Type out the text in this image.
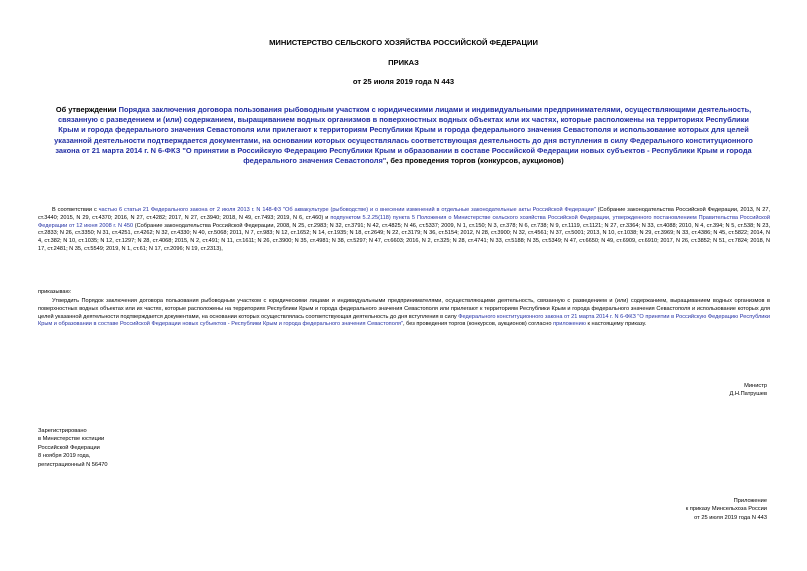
МИНИСТЕРСТВО СЕЛЬСКОГО ХОЗЯЙСТВА РОССИЙСКОЙ ФЕДЕРАЦИИ
ПРИКАЗ
от 25 июля 2019 года N 443
Об утверждении Порядка заключения договора пользования рыбоводным участком с юридическими лицами и индивидуальными предпринимателями, осуществляющими деятельность, связанную с разведением и (или) содержанием, выращиванием водных организмов в поверхностных водных объектах или их частях, которые расположены на территориях Республики Крым и города федерального значения Севастополя или прилегают к территориям Республики Крым и города федерального значения Севастополя и использование которых для целей указанной деятельности подтверждается документами, на основании которых осуществлялась соответствующая деятельность до дня вступления в силу Федерального конституционного закона от 21 марта 2014 г. N 6-ФКЗ "О принятии в Российскую Федерацию Республики Крым и образовании в составе Российской Федерации новых субъектов - Республики Крым и города федерального значения Севастополя", без проведения торгов (конкурсов, аукционов)
В соответствии с частью 6 статьи 21 Федерального закона от 2 июля 2013 г. N 148-ФЗ "Об аквакультуре (рыбоводстве) и о внесении изменений в отдельные законодательные акты Российской Федерации" (Собрание законодательства Российской Федерации, 2013, N 27, ст.3440; 2015, N 29, ст.4370; 2016, N 27, ст.4282; 2017, N 27, ст.3940; 2018, N 49, ст.7493; 2019, N 6, ст.460) и подпунктом 5.2.25(118) пункта 5 Положения о Министерстве сельского хозяйства Российской Федерации, утвержденного постановлением Правительства Российской Федерации от 12 июня 2008 г. N 450 (Собрание законодательства Российской Федерации, 2008, N 25, ст.2983; N 32, ст.3791; N 42, ст.4825; N 46, ст.5337; 2009, N 1, ст.150; N 3, ст.378; N 6, ст.738; N 9, ст.1119, ст.1121; N 27, ст.3364; N 33, ст.4088; 2010, N 4, ст.394; N 5, ст.538; N 23, ст.2833; N 26, ст.3350; N 31, ст.4251, ст.4262; N 32, ст.4330; N 40, ст.5068; 2011, N 7, ст.983; N 12, ст.1652; N 14, ст.1935; N 18, ст.2649; N 22, ст.3179; N 36, ст.5154; 2012, N 28, ст.3900; N 32, ст.4561; N 37, ст.5001; 2013, N 10, ст.1038; N 29, ст.3969; N 33, ст.4386; N 45, ст.5822; 2014, N 4, ст.382; N 10, ст.1035; N 12, ст.1297; N 28, ст.4068; 2015, N 2, ст.491; N 11, ст.1611; N 26, ст.3900; N 35, ст.4981; N 38, ст.5297; N 47, ст.6603; 2016, N 2, ст.325; N 28, ст.4741; N 33, ст.5188; N 35, ст.5349; N 47, ст.6650; N 49, ст.6909, ст.6910; 2017, N 26, ст.3852; N 51, ст.7824; 2018, N 17, ст.2481; N 35, ст.5549; 2019, N 1, ст.61; N 17, ст.2096; N 19, ст.2313),
приказываю:
Утвердить Порядок заключения договора пользования рыбоводным участком с юридическими лицами и индивидуальными предпринимателями, осуществляющими деятельность, связанную с разведением и (или) содержанием, выращиванием водных организмов в поверхностных водных объектах или их частях, которые расположены на территориях Республики Крым и города федерального значения Севастополя или прилегают к территориям Республики Крым и города федерального значения Севастополя и использование которых для целей указанной деятельности подтверждается документами, на основании которых осуществлялась соответствующая деятельность до дня вступления в силу Федерального конституционного закона от 21 марта 2014 г. N 6-ФКЗ "О принятии в Российскую Федерацию Республики Крым и образовании в составе Российской Федерации новых субъектов - Республики Крым и города федерального значения Севастополя", без проведения торгов (конкурсов, аукционов) согласно приложению к настоящему приказу.
Министр
Д.Н.Патрушев
Зарегистрировано
в Министерстве юстиции
Российской Федерации
8 ноября 2019 года,
регистрационный N 56470
Приложение
к приказу Минсельхоза России
от 25 июля 2019 года N 443
